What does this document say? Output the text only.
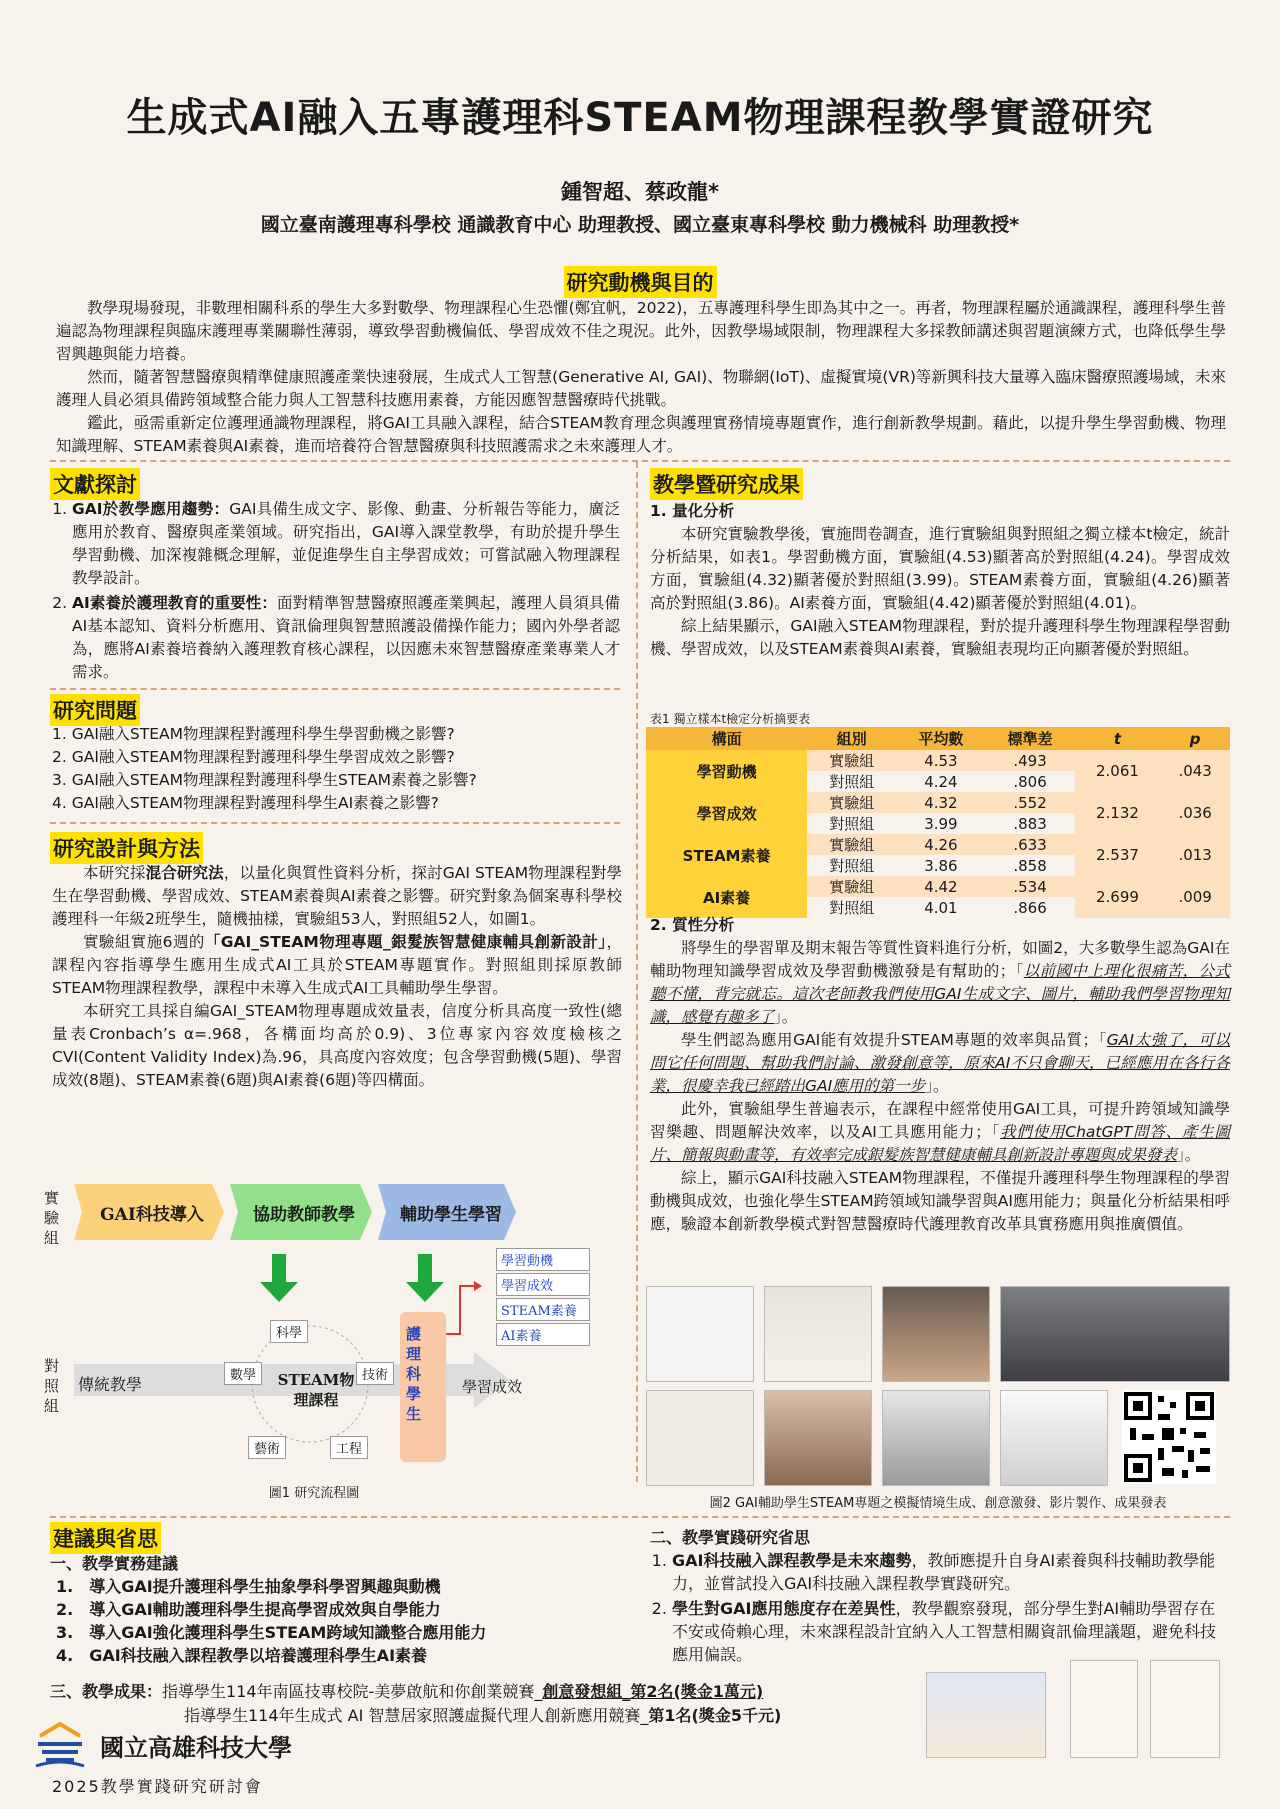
生成式AI融入五專護理科STEAM物理課程教學實證研究
鍾智超、蔡政龍*
國立臺南護理專科學校 通識教育中心 助理教授、國立臺東專科學校 動力機械科 助理教授*
研究動機與目的

教學現場發現，非數理相關科系的學生大多對數學、物理課程心生恐懼(鄭宜帆，2022)，五專護理科學生即為其中之一。再者，物理課程屬於通識課程，護理科學生普遍認為物理課程與臨床護理專業關聯性薄弱，導致學習動機偏低、學習成效不佳之現況。此外，因教學場域限制，物理課程大多採教師講述與習題演練方式，也降低學生學習興趣與能力培養。

然而，隨著智慧醫療與精準健康照護產業快速發展，生成式人工智慧(Generative AI, GAI)、物聯網(IoT)、虛擬實境(VR)等新興科技大量導入臨床醫療照護場域，未來護理人員必須具備跨領域整合能力與人工智慧科技應用素養，方能因應智慧醫療時代挑戰。

鑑此，亟需重新定位護理通識物理課程，將GAI工具融入課程，結合STEAM教育理念與護理實務情境專題實作，進行創新教學規劃。藉此，以提升學生學習動機、物理知識理解、STEAM素養與AI素養，進而培養符合智慧醫療與科技照護需求之未來護理人才。

文獻探討
1. GAI於教學應用趨勢：GAI具備生成文字、影像、動畫、分析報告等能力，廣泛應用於教育、醫療與產業領域。研究指出，GAI導入課堂教學，有助於提升學生學習動機、加深複雜概念理解，並促進學生自主學習成效；可嘗試融入物理課程教學設計。
2. AI素養於護理教育的重要性：面對精準智慧醫療照護產業興起，護理人員須具備AI基本認知、資料分析應用、資訊倫理與智慧照護設備操作能力；國內外學者認為，應將AI素養培養納入護理教育核心課程，以因應未來智慧醫療產業專業人才需求。
研究問題
1. GAI融入STEAM物理課程對護理科學生學習動機之影響?
2. GAI融入STEAM物理課程對護理科學生學習成效之影響?
3. GAI融入STEAM物理課程對護理科學生STEAM素養之影響?
4. GAI融入STEAM物理課程對護理科學生AI素養之影響?
研究設計與方法

本研究採混合研究法，以量化與質性資料分析，探討GAI STEAM物理課程對學生在學習動機、學習成效、STEAM素養與AI素養之影響。研究對象為個案專科學校護理科一年級2班學生，隨機抽樣，實驗組53人，對照組52人，如圖1。

實驗組實施6週的「GAI_STEAM物理專題_銀髮族智慧健康輔具創新設計」，課程內容指導學生應用生成式AI工具於STEAM專題實作。對照組則採原教師STEAM物理課程教學，課程中未導入生成式AI工具輔助學生學習。

本研究工具採自編GAI_STEAM物理專題成效量表，信度分析具高度一致性(總量表Cronbach’s α=.968，各構面均高於0.9)、3位專家內容效度檢核之CVI(Content Validity Index)為.96，具高度內容效度；包含學習動機(5題)、學習成效(8題)、STEAM素養(6題)與AI素養(6題)等四構面。

實驗組
對照組
GAI科技導入	協助教師教學	輔助學生學習
學習動機
學習成效
STEAM素養
AI素養
傳統教學
科學
技術
工程
藝術
數學	STEAM物理課程
護理科學生
學習成效
圖1 研究流程圖
教學暨研究成果
1. 量化分析

本研究實驗教學後，實施問卷調查，進行實驗組與對照組之獨立樣本t檢定，統計分析結果，如表1。學習動機方面，實驗組(4.53)顯著高於對照組(4.24)。學習成效方面，實驗組(4.32)顯著優於對照組(3.99)。STEAM素養方面，實驗組(4.26)顯著高於對照組(3.86)。AI素養方面，實驗組(4.42)顯著優於對照組(4.01)。

綜上結果顯示，GAI融入STEAM物理課程，對於提升護理科學生物理課程學習動機、學習成效，以及STEAM素養與AI素養，實驗組表現均正向顯著優於對照組。

表1 獨立樣本t檢定分析摘要表
構面	組別	平均數	標準差	t	p
學習動機	實驗組	4.53	.493	2.061	.043
	對照組	4.24	.806		
學習成效	實驗組	4.32	.552	2.132	.036
	對照組	3.99	.883		
STEAM素養	實驗組	4.26	.633	2.537	.013
	對照組	3.86	.858		
AI素養	實驗組	4.42	.534	2.699	.009
	對照組	4.01	.866		
2. 質性分析

將學生的學習單及期末報告等質性資料進行分析，如圖2，大多數學生認為GAI在輔助物理知識學習成效及學習動機激發是有幫助的；「以前國中上理化很痛苦，公式聽不懂，背完就忘。這次老師教我們使用GAI生成文字、圖片，輔助我們學習物理知識，感覺有趣多了」。

學生們認為應用GAI能有效提升STEAM專題的效率與品質；「GAI太強了，可以問它任何問題、幫助我們討論、激發創意等，原來AI不只會聊天，已經應用在各行各業，很慶幸我已經踏出GAI應用的第一步」。

此外，實驗組學生普遍表示，在課程中經常使用GAI工具，可提升跨領域知識學習樂趣、問題解決效率，以及AI工具應用能力；「我們使用ChatGPT問答、產生圖片、簡報與動畫等，有效率完成銀髮族智慧健康輔具創新設計專題與成果發表」。

綜上，顯示GAI科技融入STEAM物理課程，不僅提升護理科學生物理課程的學習動機與成效，也強化學生STEAM跨領域知識學習與AI應用能力；與量化分析結果相呼應，驗證本創新教學模式對智慧醫療時代護理教育改革具實務應用與推廣價值。

圖2 GAI輔助學生STEAM專題之模擬情境生成、創意激發、影片製作、成果發表
建議與省思
一、教學實務建議
1.　導入GAI提升護理科學生抽象學科學習興趣與動機
2.　導入GAI輔助護理科學生提高學習成效與自學能力
3.　導入GAI強化護理科學生STEAM跨域知識整合應用能力
4.　GAI科技融入課程教學以培養護理科學生AI素養
二、教學實踐研究省思
1. GAI科技融入課程教學是未來趨勢，教師應提升自身AI素養與科技輔助教學能力，並嘗試投入GAI科技融入課程教學實踐研究。
2. 學生對GAI應用態度存在差異性，教學觀察發現，部分學生對AI輔助學習存在不安或倚賴心理，未來課程設計宜納入人工智慧相關資訊倫理議題，避免科技應用偏誤。
三、教學成果：指導學生114年南區技專校院-美夢啟航和你創業競賽_創意發想組_第2名(獎金1萬元)
指導學生114年生成式 AI 智慧居家照護虛擬代理人創新應用競賽_第1名(獎金5千元)
國立高雄科技大學
2025教學實踐研究研討會
